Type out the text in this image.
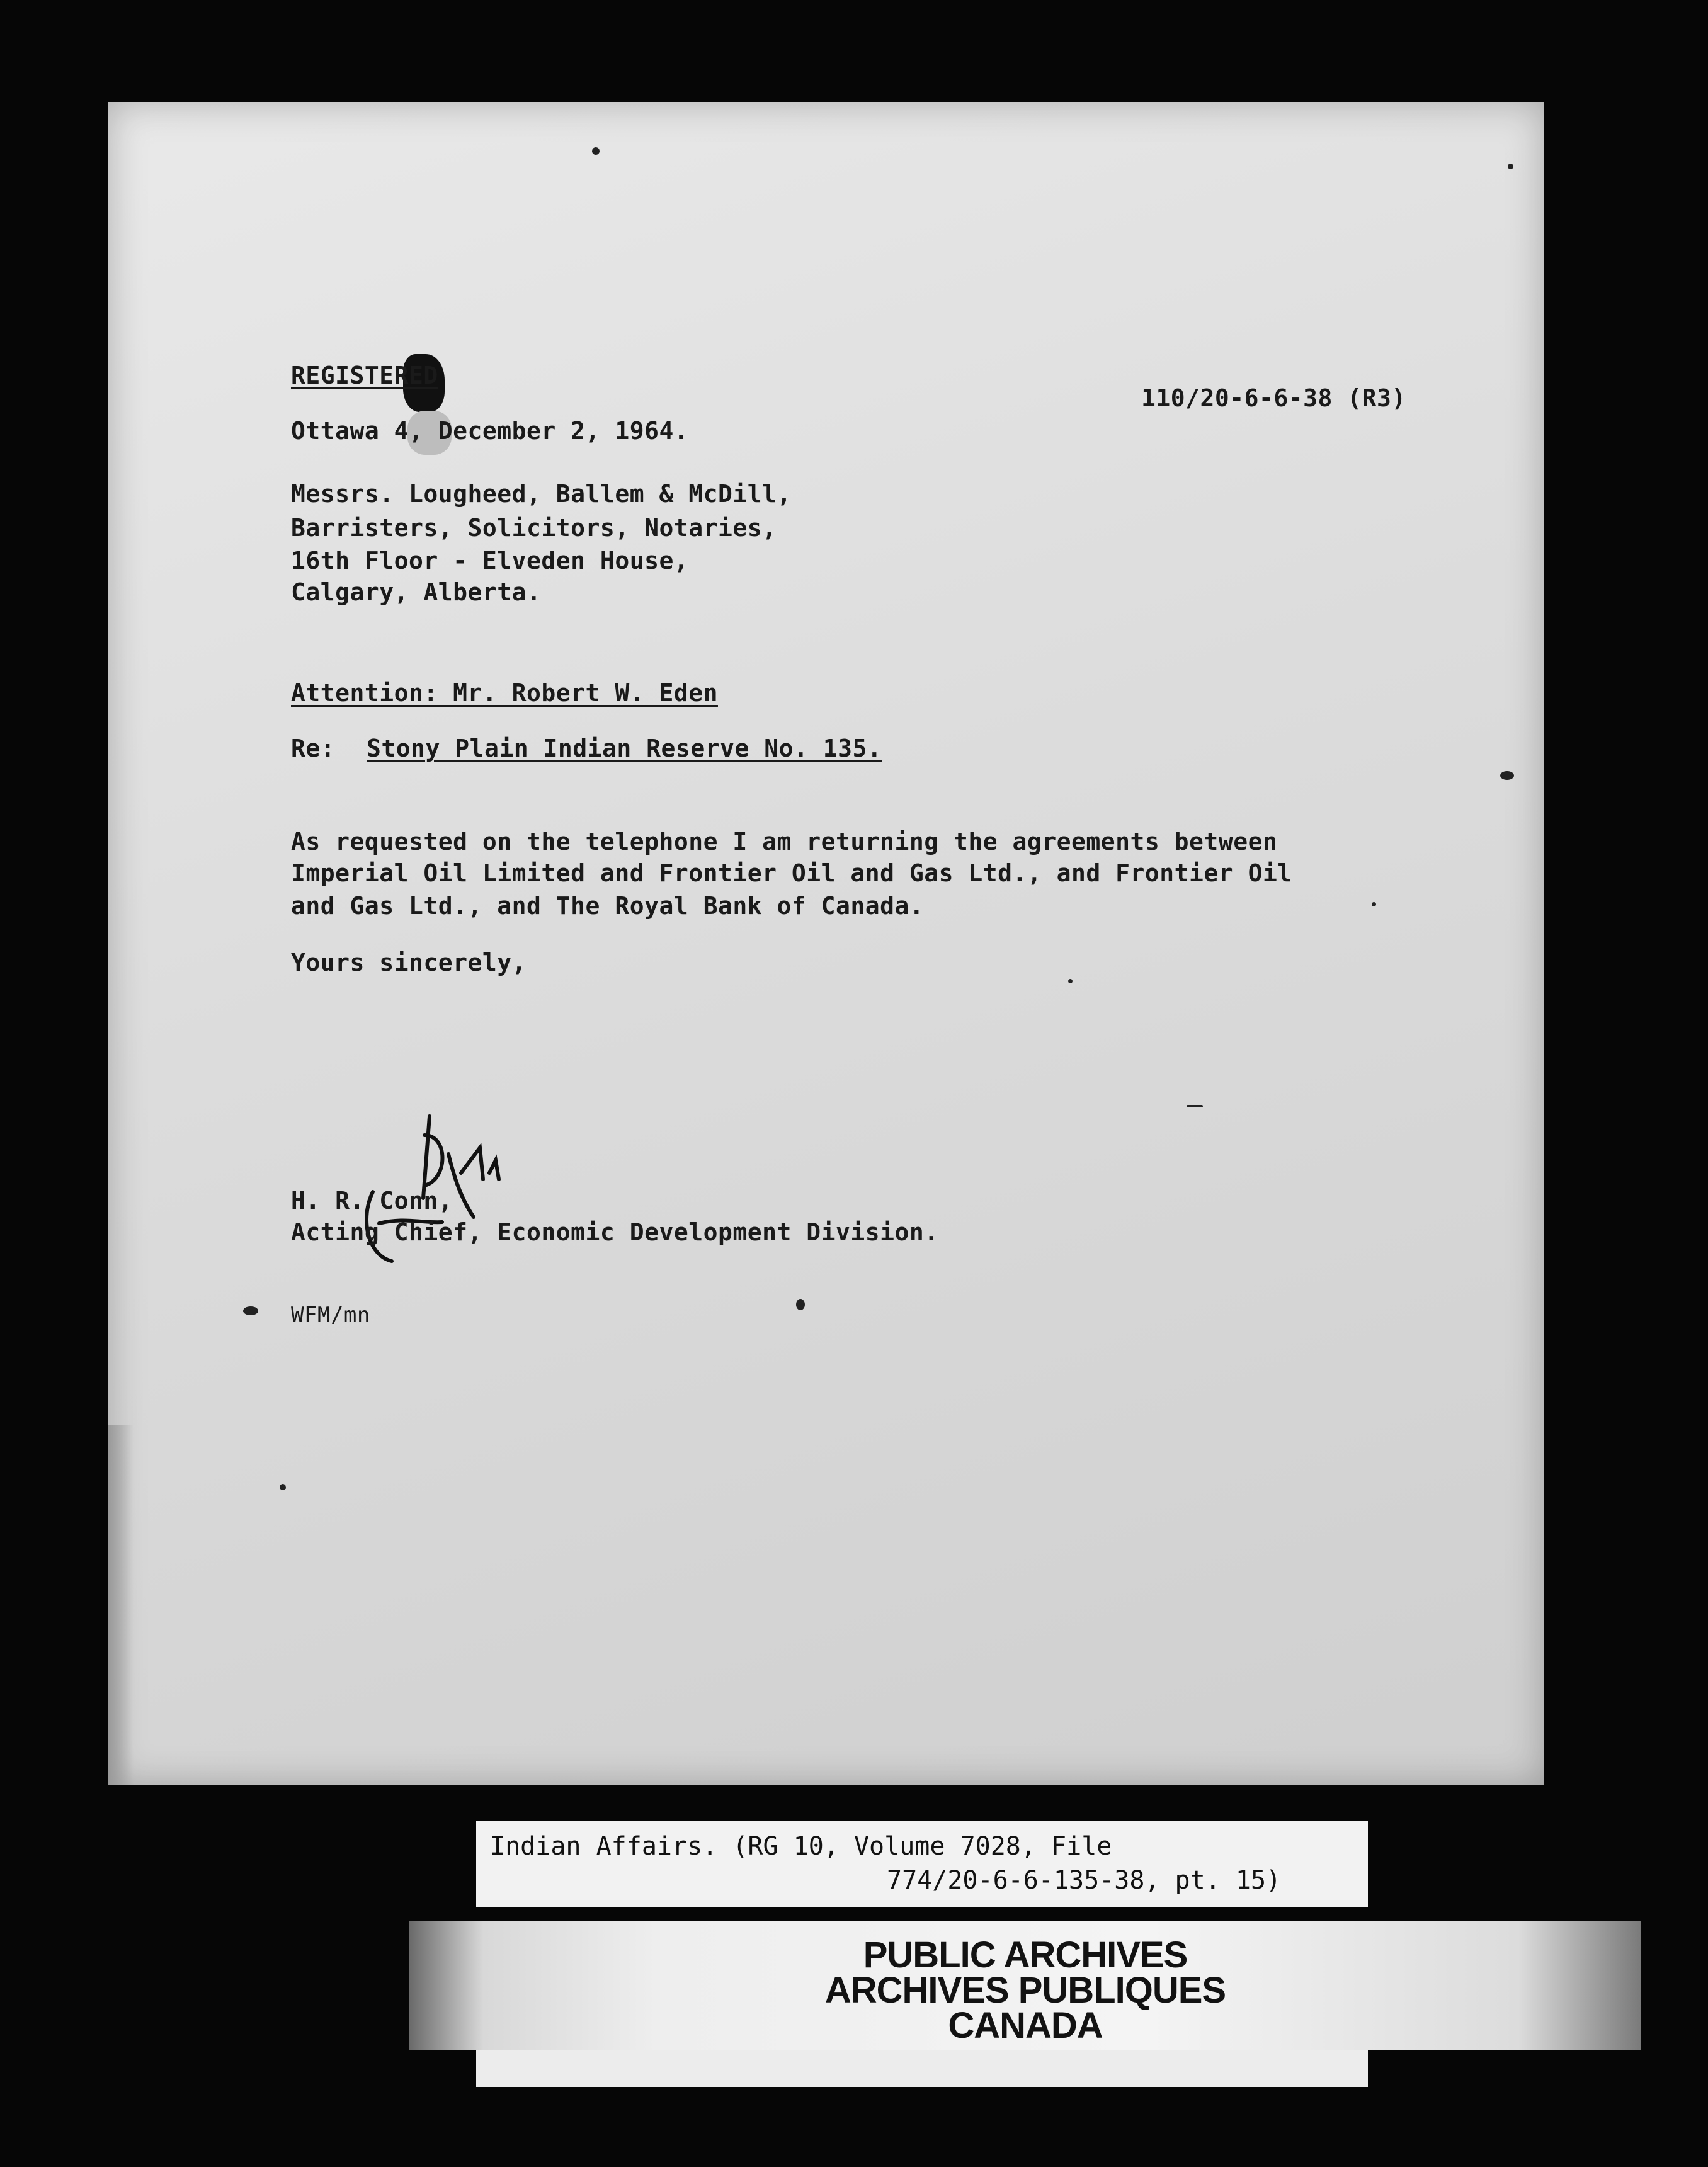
REGISTERED
110/20-6-6-38 (R3)
Ottawa 4, December 2, 1964.
Messrs. Lougheed, Ballem & McDill,
Barristers, Solicitors, Notaries,
16th Floor - Elveden House,
Calgary, Alberta.
Attention: Mr. Robert W. Eden
Re: Stony Plain Indian Reserve No. 135.
As requested on the telephone I am returning the agreements between
Imperial Oil Limited and Frontier Oil and Gas Ltd., and Frontier Oil
and Gas Ltd., and The Royal Bank of Canada.
Yours sincerely,
H. R. Conn,
Acting Chief, Economic Development Division.
WFM/mn
Indian Affairs. (RG 10, Volume 7028, File
774/20-6-6-135-38, pt. 15)
PUBLIC ARCHIVES
ARCHIVES PUBLIQUES
CANADA
